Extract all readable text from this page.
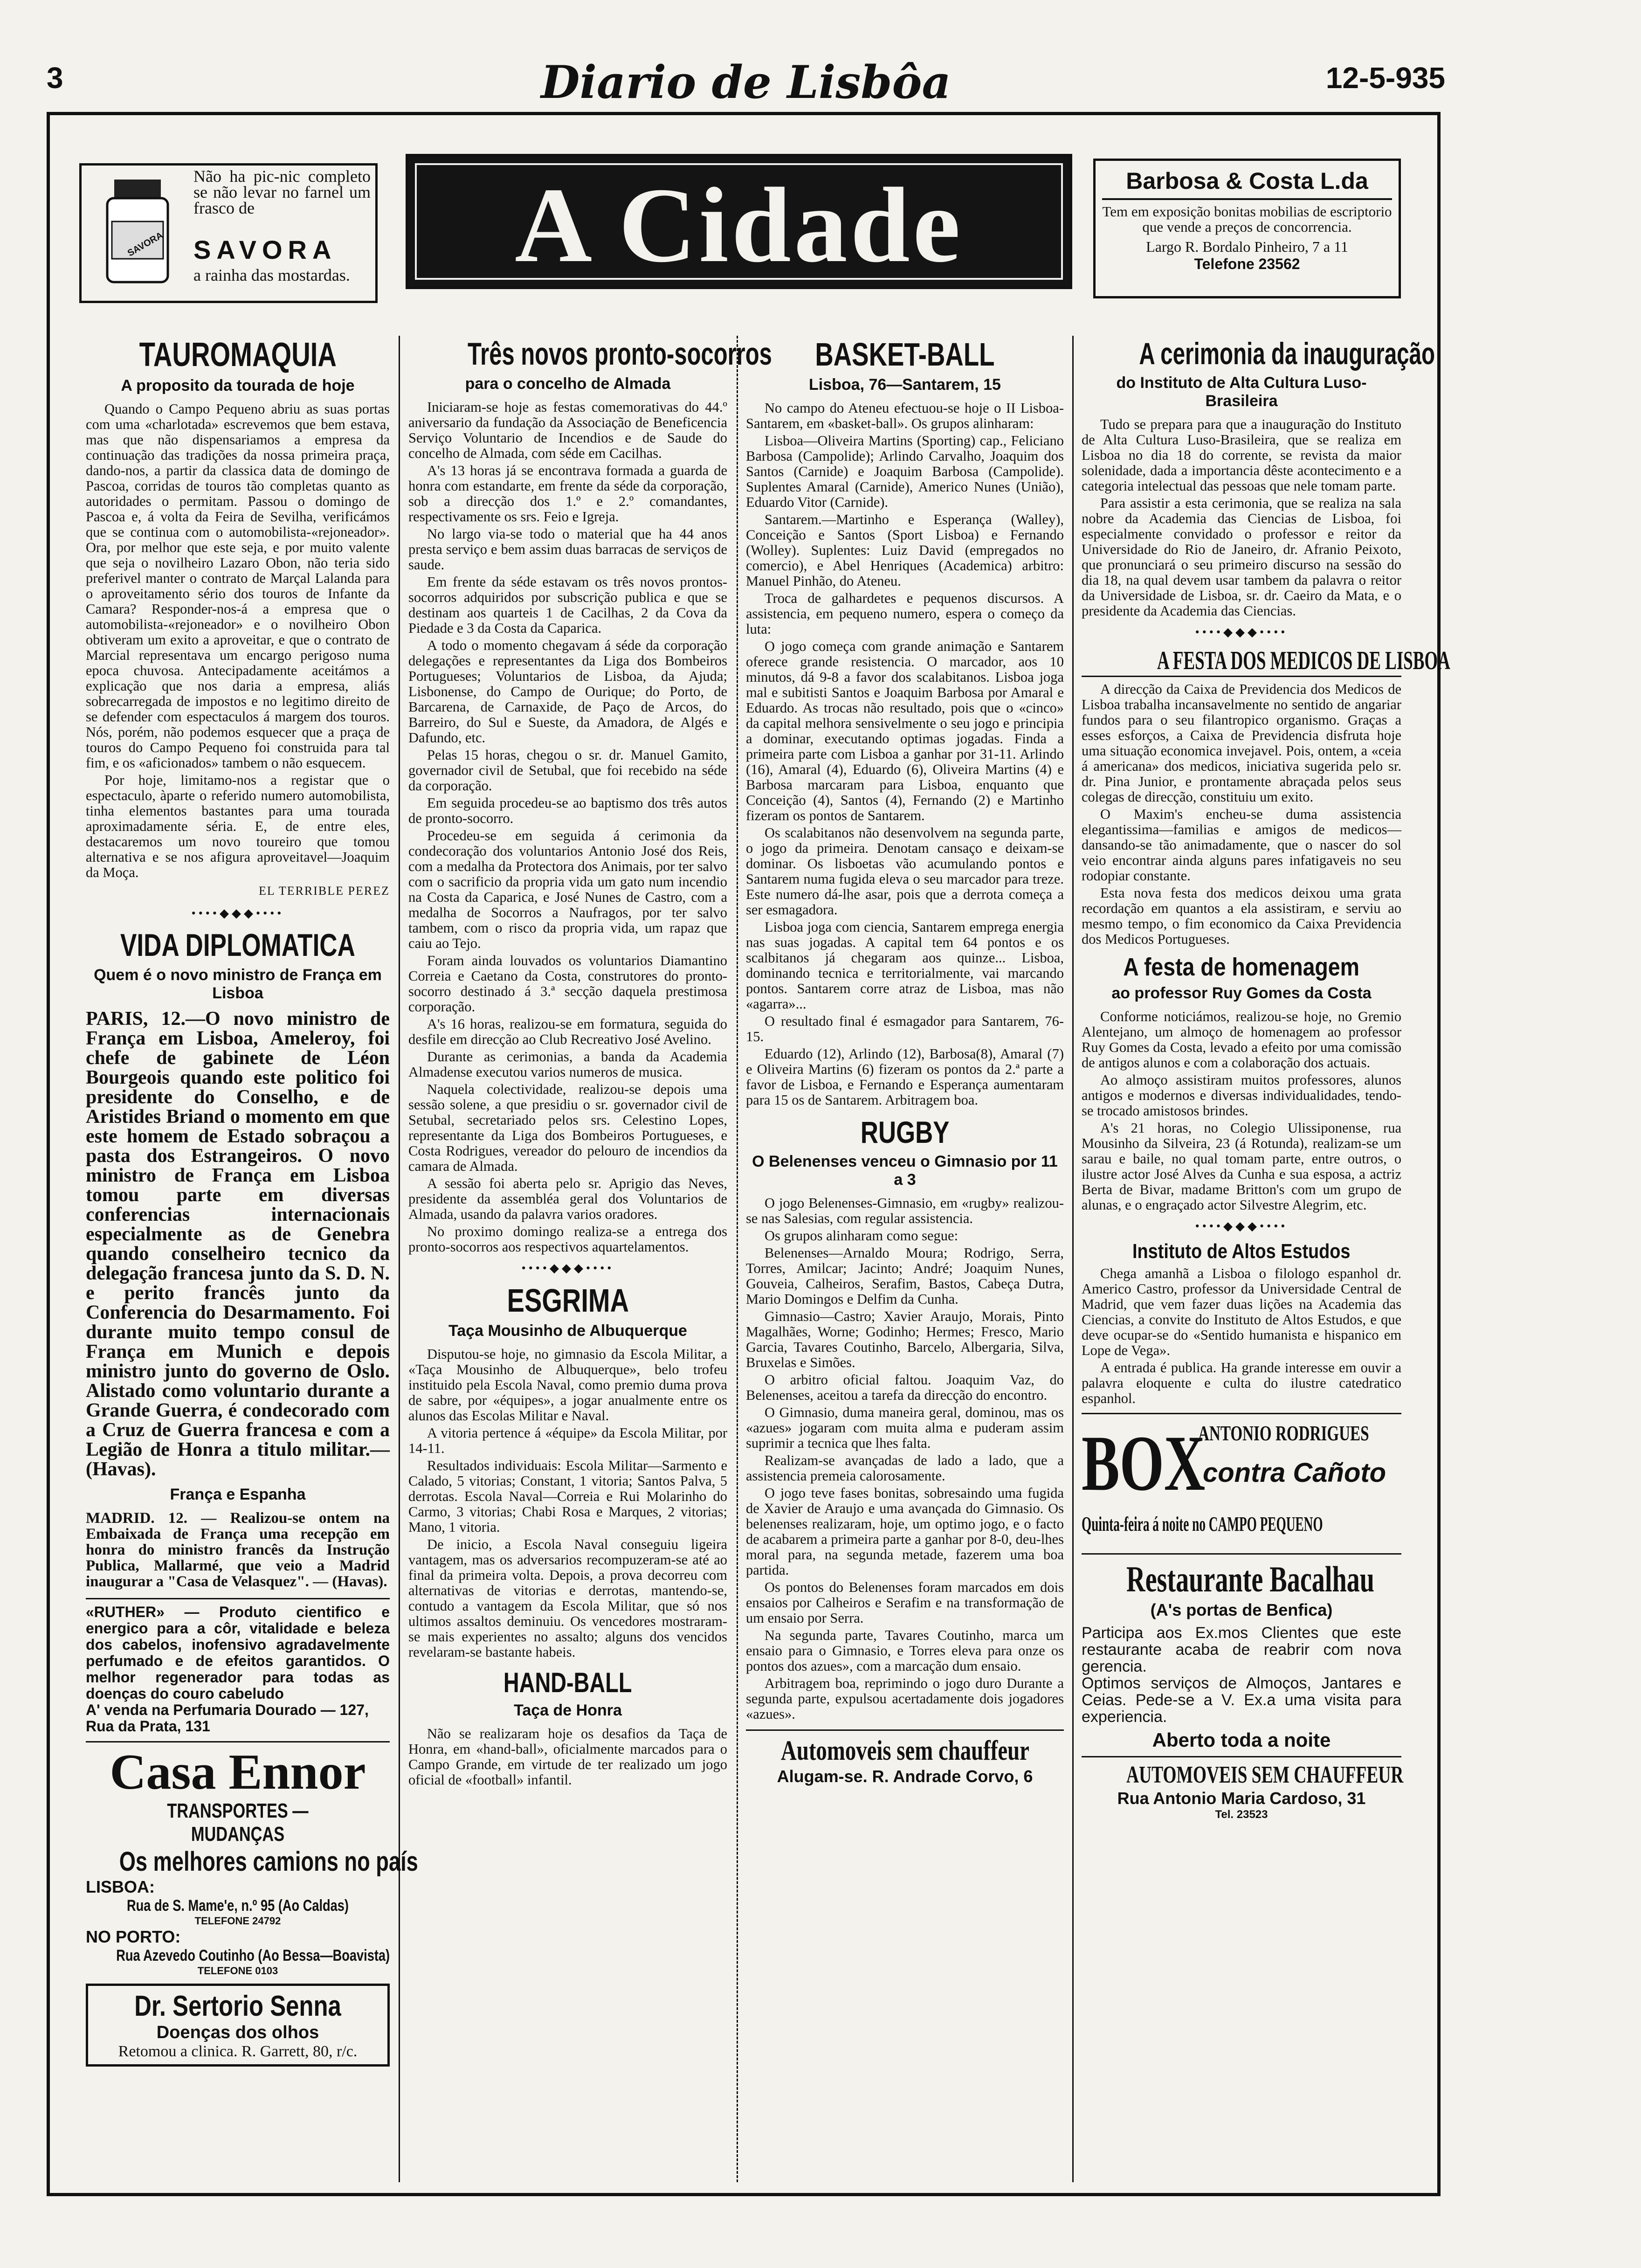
3	Diario de Lisbôa	12-5-935
SAVORA
Não ha pic-nic completo se não levar no farnel um frasco de
SAVORA
a rainha das mostardas.	A Cidade	Barbosa & Costa L.da
Tem em exposição bonitas mobilias de escriptorio que vende a preços de concorrencia.
Largo R. Bordalo Pinheiro, 7 a 11
Telefone 23562
TAUROMAQUIA
A proposito da tourada de hoje

Quando o Campo Pequeno abriu as suas portas com uma «charlotada» escrevemos que bem estava, mas que não dispensariamos a empresa da continuação das tradições da nossa primeira praça, dando-nos, a partir da classica data de domingo de Pascoa, corridas de touros tão completas quanto as autoridades o permitam. Passou o domingo de Pascoa e, á volta da Feira de Sevilha, verificámos que se continua com o automobilista-«rejoneador». Ora, por melhor que este seja, e por muito valente que seja o novilheiro Lazaro Obon, não teria sido preferivel manter o contrato de Marçal Lalanda para o aproveitamento sério dos touros de Infante da Camara? Responder-nos-á a empresa que o automobilista-«rejoneador» e o novilheiro Obon obtiveram um exito a aproveitar, e que o contrato de Marcial representava um encargo perigoso numa epoca chuvosa. Antecipadamente aceitámos a explicação que nos daria a empresa, aliás sobrecarregada de impostos e no legitimo direito de se defender com espectaculos á margem dos touros. Nós, porém, não podemos esquecer que a praça de touros do Campo Pequeno foi construida para tal fim, e os «aficionados» tambem o não esquecem.

Por hoje, limitamo-nos a registar que o espectaculo, àparte o referido numero automobilista, tinha elementos bastantes para uma tourada aproximadamente séria. E, de entre eles, destacaremos um novo toureiro que tomou alternativa e se nos afigura aproveitavel—Joaquim da Moça.

EL TERRIBLE PEREZ
••••◆◆◆••••
VIDA DIPLOMATICA
Quem é o novo ministro de França em Lisboa
PARIS, 12.—O novo ministro de França em Lisboa, Ameleroy, foi chefe de gabinete de Léon Bourgeois quando este politico foi presidente do Conselho, e de Aristides Briand o momento em que este homem de Estado sobraçou a pasta dos Estrangeiros. O novo ministro de França em Lisboa tomou parte em diversas conferencias internacionais especialmente as de Genebra quando conselheiro tecnico da delegação francesa junto da S. D. N. e perito francês junto da Conferencia do Desarmamento. Foi durante muito tempo consul de França em Munich e depois ministro junto do governo de Oslo. Alistado como voluntario durante a Grande Guerra, é condecorado com a Cruz de Guerra francesa e com a Legião de Honra a titulo militar.—(Havas).
França e Espanha
MADRID. 12. — Realizou-se ontem na Embaixada de França uma recepção em honra do ministro francês da Instrução Publica, Mallarmé, que veio a Madrid inaugurar a "Casa de Velasquez". — (Havas).
«RUTHER» — Produto cientifico e energico para a côr, vitalidade e beleza dos cabelos, inofensivo agradavelmente perfumado e de efeitos garantidos. O melhor regenerador para todas as doenças do couro cabeludo
A' venda na Perfumaria Dourado — 127, Rua da Prata, 131
Casa Ennor
TRANSPORTES — MUDANÇAS
Os melhores camions no país
LISBOA:
Rua de S. Mame'e, n.º 95 (Ao Caldas)
TELEFONE 24792
NO PORTO:
Rua Azevedo Coutinho (Ao Bessa—Boavista)
TELEFONE 0103
Dr. Sertorio Senna
Doenças dos olhos
Retomou a clinica. R. Garrett, 80, r/c.
Três novos pronto-socorros
para o concelho de Almada

Iniciaram-se hoje as festas comemorativas do 44.º aniversario da fundação da Associação de Beneficencia Serviço Voluntario de Incendios e de Saude do concelho de Almada, com séde em Cacilhas.

A's 13 horas já se encontrava formada a guarda de honra com estandarte, em frente da séde da corporação, sob a direcção dos 1.º e 2.º comandantes, respectivamente os srs. Feio e Igreja.

No largo via-se todo o material que ha 44 anos presta serviço e bem assim duas barracas de serviços de saude.

Em frente da séde estavam os três novos prontos-socorros adquiridos por subscrição publica e que se destinam aos quarteis 1 de Cacilhas, 2 da Cova da Piedade e 3 da Costa da Caparica.

A todo o momento chegavam á séde da corporação delegações e representantes da Liga dos Bombeiros Portugueses; Voluntarios de Lisboa, da Ajuda; Lisbonense, do Campo de Ourique; do Porto, de Barcarena, de Carnaxide, de Paço de Arcos, do Barreiro, do Sul e Sueste, da Amadora, de Algés e Dafundo, etc.

Pelas 15 horas, chegou o sr. dr. Manuel Gamito, governador civil de Setubal, que foi recebido na séde da corporação.

Em seguida procedeu-se ao baptismo dos três autos de pronto-socorro.

Procedeu-se em seguida á cerimonia da condecoração dos voluntarios Antonio José dos Reis, com a medalha da Protectora dos Animais, por ter salvo com o sacrificio da propria vida um gato num incendio na Costa da Caparica, e José Nunes de Castro, com a medalha de Socorros a Naufragos, por ter salvo tambem, com o risco da propria vida, um rapaz que caiu ao Tejo.

Foram ainda louvados os voluntarios Diamantino Correia e Caetano da Costa, construtores do pronto-socorro destinado á 3.ª secção daquela prestimosa corporação.

A's 16 horas, realizou-se em formatura, seguida do desfile em direcção ao Club Recreativo José Avelino.

Durante as cerimonias, a banda da Academia Almadense executou varios numeros de musica.

Naquela colectividade, realizou-se depois uma sessão solene, a que presidiu o sr. governador civil de Setubal, secretariado pelos srs. Celestino Lopes, representante da Liga dos Bombeiros Portugueses, e Costa Rodrigues, vereador do pelouro de incendios da camara de Almada.

A sessão foi aberta pelo sr. Aprigio das Neves, presidente da assembléa geral dos Voluntarios de Almada, usando da palavra varios oradores.

No proximo domingo realiza-se a entrega dos pronto-socorros aos respectivos aquartelamentos.

••••◆◆◆••••
ESGRIMA
Taça Mousinho de Albuquerque

Disputou-se hoje, no gimnasio da Escola Militar, a «Taça Mousinho de Albuquerque», belo trofeu instituido pela Escola Naval, como premio duma prova de sabre, por «équipes», a jogar anualmente entre os alunos das Escolas Militar e Naval.

A vitoria pertence á «équipe» da Escola Militar, por 14-11.

Resultados individuais: Escola Militar—Sarmento e Calado, 5 vitorias; Constant, 1 vitoria; Santos Palva, 5 derrotas. Escola Naval—Correia e Rui Molarinho do Carmo, 3 vitorias; Chabi Rosa e Marques, 2 vitorias; Mano, 1 vitoria.

De inicio, a Escola Naval conseguiu ligeira vantagem, mas os adversarios recompuzeram-se até ao final da primeira volta. Depois, a prova decorreu com alternativas de vitorias e derrotas, mantendo-se, contudo a vantagem da Escola Militar, que só nos ultimos assaltos deminuiu. Os vencedores mostraram-se mais experientes no assalto; alguns dos vencidos revelaram-se bastante habeis.

HAND-BALL
Taça de Honra

Não se realizaram hoje os desafios da Taça de Honra, em «hand-ball», oficialmente marcados para o Campo Grande, em virtude de ter realizado um jogo oficial de «football» infantil.

BASKET-BALL
Lisboa, 76—Santarem, 15

No campo do Ateneu efectuou-se hoje o II Lisboa-Santarem, em «basket-ball». Os grupos alinharam:

Lisboa—Oliveira Martins (Sporting) cap., Feliciano Barbosa (Campolide); Arlindo Carvalho, Joaquim dos Santos (Carnide) e Joaquim Barbosa (Campolide). Suplentes Amaral (Carnide), Americo Nunes (União), Eduardo Vitor (Carnide).

Santarem.—Martinho e Esperança (Walley), Conceição e Santos (Sport Lisboa) e Fernando (Wolley). Suplentes: Luiz David (empregados no comercio), e Abel Henriques (Academica) arbitro: Manuel Pinhão, do Ateneu.

Troca de galhardetes e pequenos discursos. A assistencia, em pequeno numero, espera o começo da luta:

O jogo começa com grande animação e Santarem oferece grande resistencia. O marcador, aos 10 minutos, dá 9-8 a favor dos scalabitanos. Lisboa joga mal e subitisti Santos e Joaquim Barbosa por Amaral e Eduardo. As trocas não resultado, pois que o «cinco» da capital melhora sensivelmente o seu jogo e principia a dominar, executando optimas jogadas. Finda a primeira parte com Lisboa a ganhar por 31-11. Arlindo (16), Amaral (4), Eduardo (6), Oliveira Martins (4) e Barbosa marcaram para Lisboa, enquanto que Conceição (4), Santos (4), Fernando (2) e Martinho fizeram os pontos de Santarem.

Os scalabitanos não desenvolvem na segunda parte, o jogo da primeira. Denotam cansaço e deixam-se dominar. Os lisboetas vão acumulando pontos e Santarem numa fugida eleva o seu marcador para treze. Este numero dá-lhe asar, pois que a derrota começa a ser esmagadora.

Lisboa joga com ciencia, Santarem emprega energia nas suas jogadas. A capital tem 64 pontos e os scalbitanos já chegaram aos quinze... Lisboa, dominando tecnica e territorialmente, vai marcando pontos. Santarem corre atraz de Lisboa, mas não «agarra»...

O resultado final é esmagador para Santarem, 76-15.

Eduardo (12), Arlindo (12), Barbosa(8), Amaral (7) e Oliveira Martins (6) fizeram os pontos da 2.ª parte a favor de Lisboa, e Fernando e Esperança aumentaram para 15 os de Santarem. Arbitragem boa.

RUGBY
O Belenenses venceu o Gimnasio por 11 a 3

O jogo Belenenses-Gimnasio, em «rugby» realizou-se nas Salesias, com regular assistencia.

Os grupos alinharam como segue:

Belenenses—Arnaldo Moura; Rodrigo, Serra, Torres, Amilcar; Jacinto; André; Joaquim Nunes, Gouveia, Calheiros, Serafim, Bastos, Cabeça Dutra, Mario Domingos e Delfim da Cunha.

Gimnasio—Castro; Xavier Araujo, Morais, Pinto Magalhães, Worne; Godinho; Hermes; Fresco, Mario Garcia, Tavares Coutinho, Barcelo, Albergaria, Silva, Bruxelas e Simões.

O arbitro oficial faltou. Joaquim Vaz, do Belenenses, aceitou a tarefa da direcção do encontro.

O Gimnasio, duma maneira geral, dominou, mas os «azues» jogaram com muita alma e puderam assim suprimir a tecnica que lhes falta.

Realizam-se avançadas de lado a lado, que a assistencia premeia calorosamente.

O jogo teve fases bonitas, sobresaindo uma fugida de Xavier de Araujo e uma avançada do Gimnasio. Os belenenses realizaram, hoje, um optimo jogo, e o facto de acabarem a primeira parte a ganhar por 8-0, deu-lhes moral para, na segunda metade, fazerem uma boa partida.

Os pontos do Belenenses foram marcados em dois ensaios por Calheiros e Serafim e na transformação de um ensaio por Serra.

Na segunda parte, Tavares Coutinho, marca um ensaio para o Gimnasio, e Torres eleva para onze os pontos dos azues», com a marcação dum ensaio.

Arbitragem boa, reprimindo o jogo duro Durante a segunda parte, expulsou acertadamente dois jogadores «azues».

Automoveis sem chauffeur
Alugam-se. R. Andrade Corvo, 6
A cerimonia da inauguração
do Instituto de Alta Cultura Luso-Brasileira

Tudo se prepara para que a inauguração do Instituto de Alta Cultura Luso-Brasileira, que se realiza em Lisboa no dia 18 do corrente, se revista da maior solenidade, dada a importancia dêste acontecimento e a categoria intelectual das pessoas que nele tomam parte.

Para assistir a esta cerimonia, que se realiza na sala nobre da Academia das Ciencias de Lisboa, foi especialmente convidado o professor e reitor da Universidade do Rio de Janeiro, dr. Afranio Peixoto, que pronunciará o seu primeiro discurso na sessão do dia 18, na qual devem usar tambem da palavra o reitor da Universidade de Lisboa, sr. dr. Caeiro da Mata, e o presidente da Academia das Ciencias.

••••◆◆◆••••
A FESTA DOS MEDICOS DE LISBOA

A direcção da Caixa de Previdencia dos Medicos de Lisboa trabalha incansavelmente no sentido de angariar fundos para o seu filantropico organismo. Graças a esses esforços, a Caixa de Previdencia disfruta hoje uma situação economica invejavel. Pois, ontem, a «ceia á americana» dos medicos, iniciativa sugerida pelo sr. dr. Pina Junior, e prontamente abraçada pelos seus colegas de direcção, constituiu um exito.

O Maxim's encheu-se duma assistencia elegantissima—familias e amigos de medicos—dansando-se tão animadamente, que o nascer do sol veio encontrar ainda alguns pares infatigaveis no seu rodopiar constante.

Esta nova festa dos medicos deixou uma grata recordação em quantos a ela assistiram, e serviu ao mesmo tempo, o fim economico da Caixa Previdencia dos Medicos Portugueses.

A festa de homenagem
ao professor Ruy Gomes da Costa

Conforme noticiámos, realizou-se hoje, no Gremio Alentejano, um almoço de homenagem ao professor Ruy Gomes da Costa, levado a efeito por uma comissão de antigos alunos e com a colaboração dos actuais.

Ao almoço assistiram muitos professores, alunos antigos e modernos e diversas individualidades, tendo-se trocado amistosos brindes.

A's 21 horas, no Colegio Ulissiponense, rua Mousinho da Silveira, 23 (á Rotunda), realizam-se um sarau e baile, no qual tomam parte, entre outros, o ilustre actor José Alves da Cunha e sua esposa, a actriz Berta de Bivar, madame Britton's com um grupo de alunas, e o engraçado actor Silvestre Alegrim, etc.

••••◆◆◆••••
Instituto de Altos Estudos

Chega amanhã a Lisboa o filologo espanhol dr. Americo Castro, professor da Universidade Central de Madrid, que vem fazer duas lições na Academia das Ciencias, a convite do Instituto de Altos Estudos, e que deve ocupar-se do «Sentido humanista e hispanico em Lope de Vega».

A entrada é publica. Ha grande interesse em ouvir a palavra eloquente e culta do ilustre catedratico espanhol.

BOX
ANTONIO RODRIGUES
contra Cañoto
Quinta-feira á noite no CAMPO PEQUENO
Restaurante Bacalhau
(A's portas de Benfica)
Participa aos Ex.mos Clientes que este restaurante acaba de reabrir com nova gerencia.
Optimos serviços de Almoços, Jantares e Ceias. Pede-se a V. Ex.a uma visita para experiencia.
Aberto toda a noite
AUTOMOVEIS SEM CHAUFFEUR
Rua Antonio Maria Cardoso, 31
Tel. 23523
